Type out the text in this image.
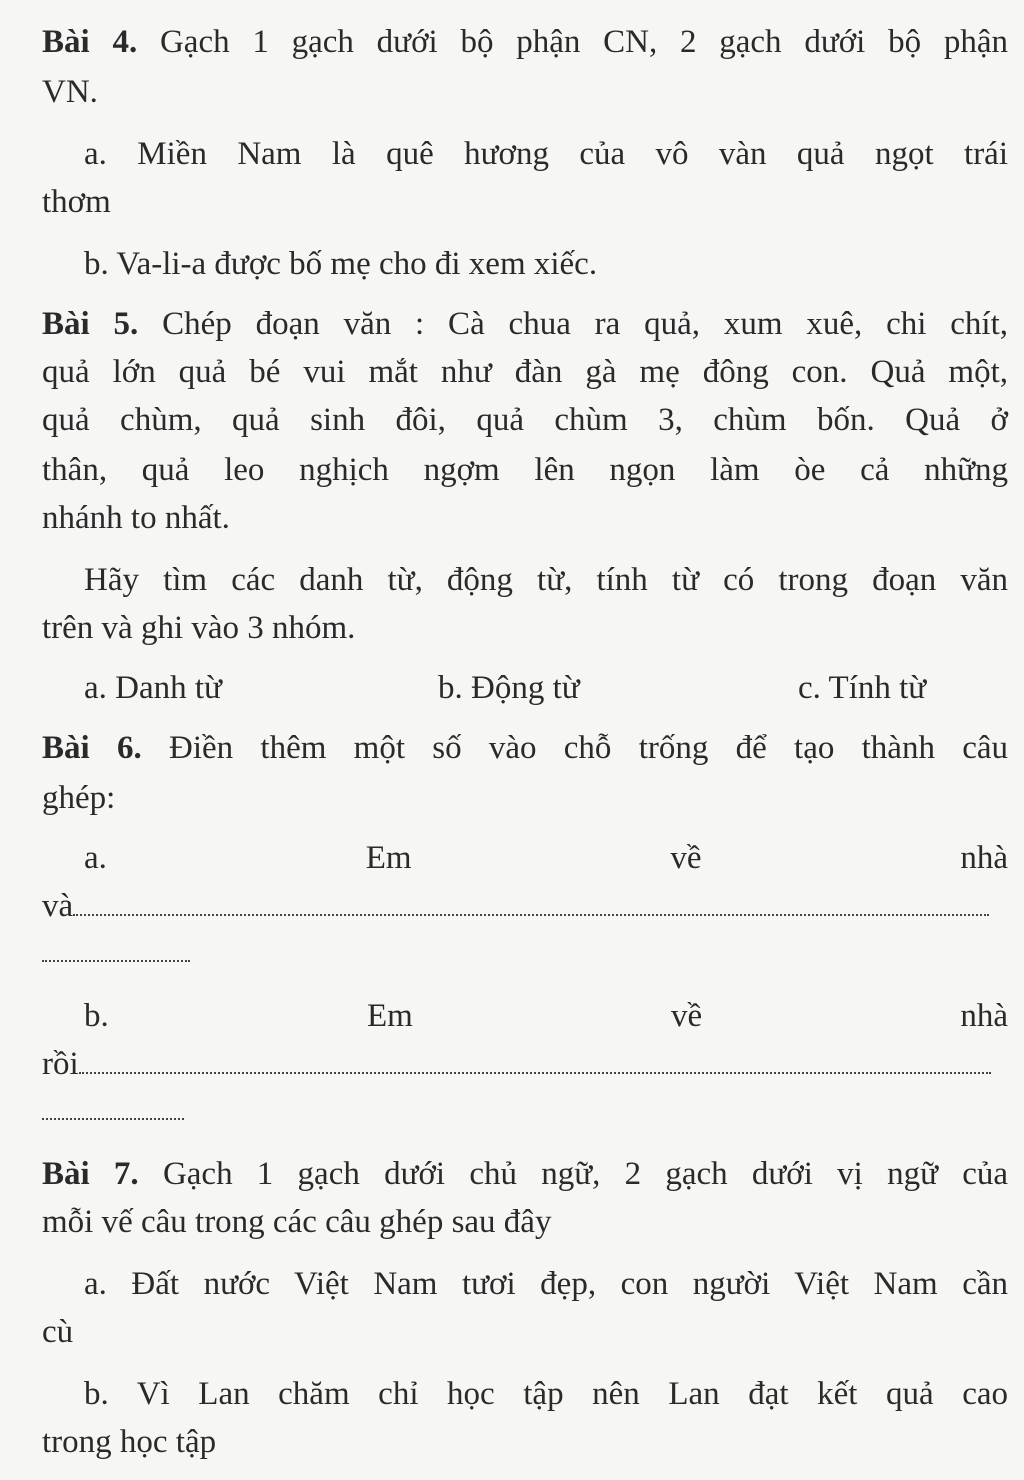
Bài 4. Gạch 1 gạch dưới bộ phận CN, 2 gạch dưới bộ phận
VN.
a. Miền Nam là quê hương của vô vàn quả ngọt trái
thơm
b. Va-li-a được bố mẹ cho đi xem xiếc.
Bài 5. Chép đoạn văn : Cà chua ra quả, xum xuê, chi chít,
quả lớn quả bé vui mắt như đàn gà mẹ đông con. Quả một,
quả chùm, quả sinh đôi, quả chùm 3, chùm bốn. Quả ở
thân, quả leo nghịch ngợm lên ngọn làm òe cả những
nhánh to nhất.
Hãy tìm các danh từ, động từ, tính từ có trong đoạn văn
trên và ghi vào 3 nhóm.
a. Danh từ	b. Động từ	c. Tính từ
Bài 6. Điền thêm một số vào chỗ trống để tạo thành câu
ghép:
a.	Em	về	nhà
và
b.	Em	về	nhà
rồi
Bài 7. Gạch 1 gạch dưới chủ ngữ, 2 gạch dưới vị ngữ của
mỗi vế câu trong các câu ghép sau đây
a. Đất nước Việt Nam tươi đẹp, con người Việt Nam cần
cù
b. Vì Lan chăm chỉ học tập nên Lan đạt kết quả cao
trong học tập
